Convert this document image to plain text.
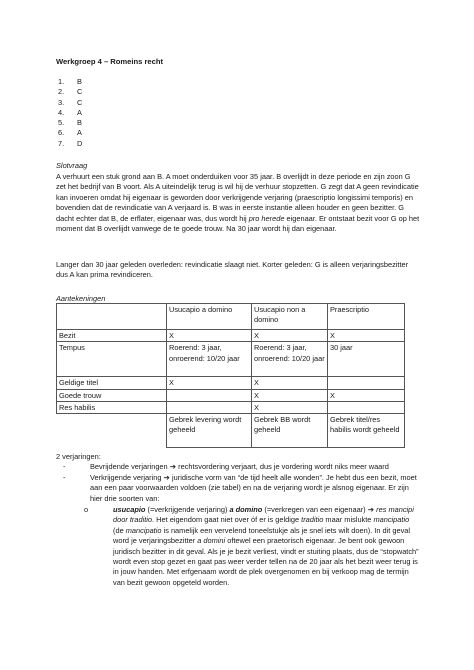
Werkgroep 4 – Romeins recht
1. B
2. C
3. C
4. A
5. B
6. A
7. D
Slotvraag

A verhuurt een stuk grond aan B. A moet onderduiken voor 35 jaar. B overlijdt in deze periode en zijn zoon G zet het bedrijf van B voort. Als A uiteindelijk terug is wil hij de verhuur stopzetten. G zegt dat A geen revindicatie kan invoeren omdat hij eigenaar is geworden door verkrijgende verjaring (praescriptio longissimi temporis) en bovendien dat de revindicatie van A verjaard is. B was in eerste instantie alleen houder en geen bezitter. G dacht echter dat B, de erflater, eigenaar was, dus wordt hij pro herede eigenaar. Er ontstaat bezit voor G op het moment dat B overlijdt vanwege de te goede trouw. Na 30 jaar wordt hij dan eigenaar.

Langer dan 30 jaar geleden overleden: revindicatie slaagt niet. Korter geleden: G is alleen verjaringsbezitter dus A kan prima revindiceren.

Aantekeningen
	Usucapio a domino	Usucapio non a domino	Praescriptio
Bezit	X	X	X
Tempus	Roerend: 3 jaar, onroerend: 10/20 jaar	Roerend: 3 jaar, onroerend: 10/20 jaar	30 jaar
Geldige titel	X	X	
Goede trouw		X	X
Res habilis		X	
	Gebrek levering wordt geheeld	Gebrek BB wordt geheeld	Gebrek titel/res habilis wordt geheeld
2 verjaringen:
-	Bevrijdende verjaringen ➔ rechtsvordering verjaart, dus je vordering wordt niks meer waard
-	Verkrijgende verjaring ➔ juridische vorm van “de tijd heelt alle wonden”. Je hebt dus een bezit, moet aan een paar voorwaarden voldoen (zie tabel) en na de verjaring wordt je alsnog eigenaar. Er zijn hier drie soorten van:
o	usucapio (=verkrijgende verjaring) a domino (=verkregen van een eigenaar) ➔ res mancipi door traditio. Het eigendom gaat niet over óf er is geldige traditio maar mislukte mancipatio (de mancipatio is namelijk een vervelend toneelstukje als je snel iets wilt doen). In dit geval word je verjaringsbezitter a domini oftewel een praetorisch eigenaar. Je bent ook gewoon juridisch bezitter in dit geval. Als je je bezit verliest, vindt er stuiting plaats, dus de “stopwatch” wordt even stop gezet en gaat pas weer verder tellen na de 20 jaar als het bezit weer terug is in jouw handen. Met erfgenaam wordt de plek overgenomen en bij verkoop mag de termijn van bezit gewoon opgeteld worden.
